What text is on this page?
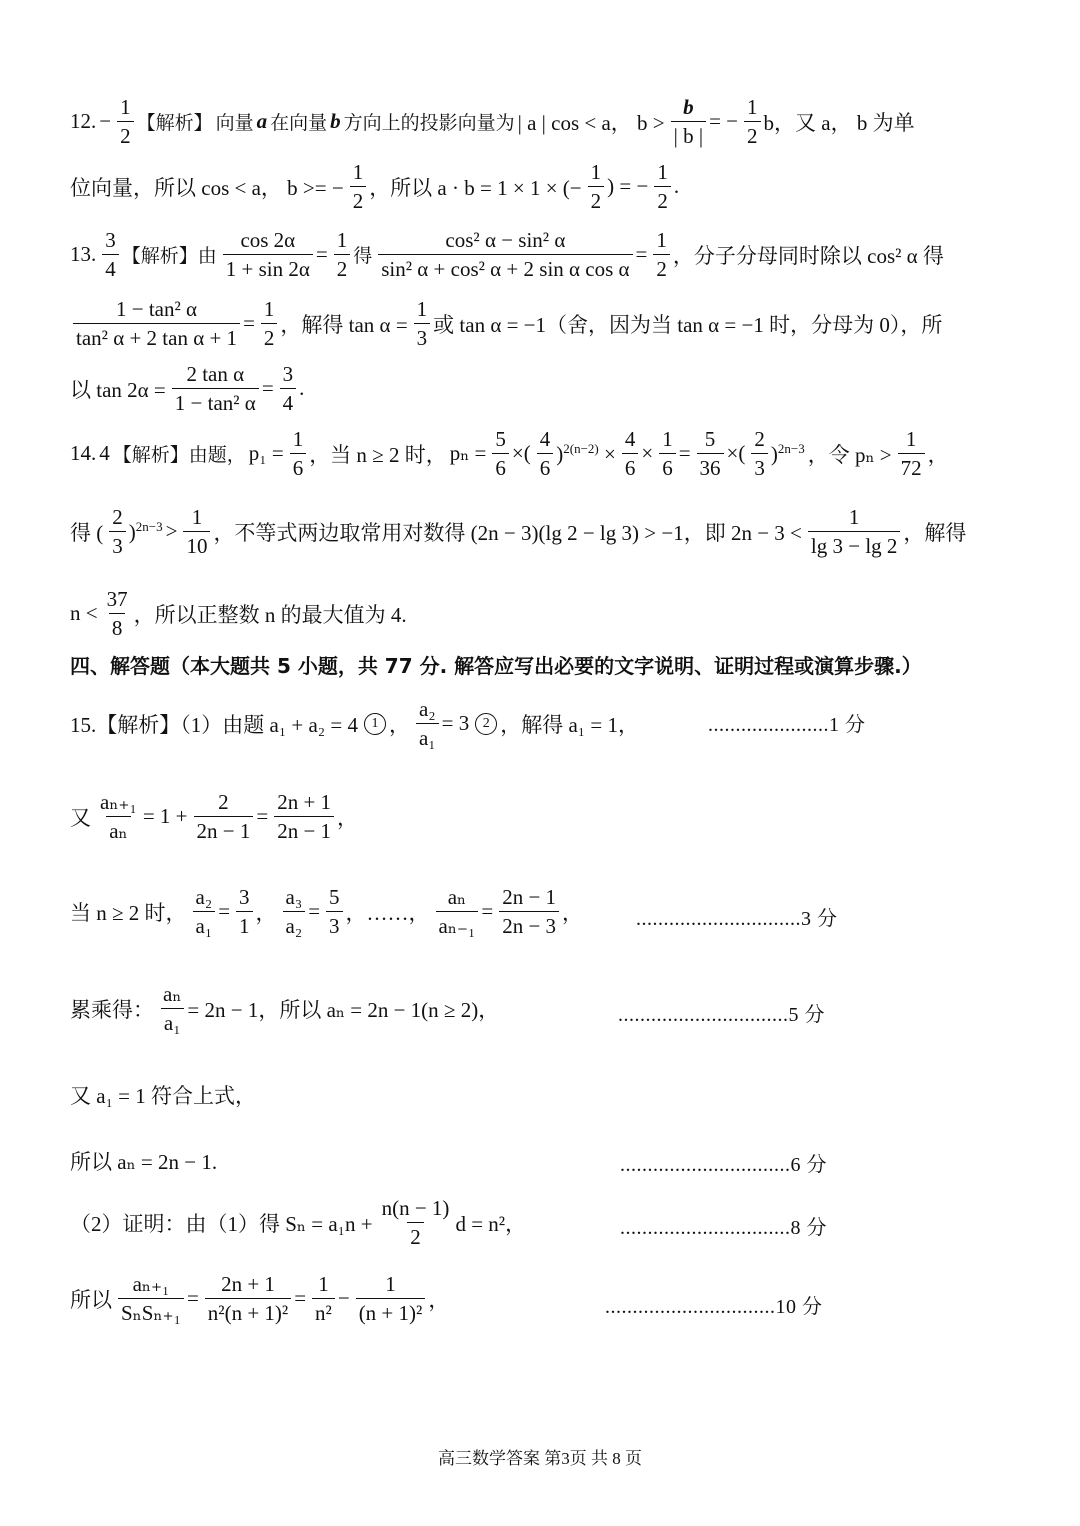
12. − $\frac{1}{2}$ 【解析】 向量 a 在向量 b 方向上的投影向量为 | a | cos < a， $b > \frac{b}{| b |}$ = − $\frac{1}{2}$ b，又 a， b 为单
位向量，所以 cos < a， b >= − $\frac{1}{2}$ ，所以 a · b = 1 × 1 × (− $\frac{1}{2}$ ) = − $\frac{1}{2}$ .
13. $\frac{3}{4}$ 【解析】由 $\frac{\cos 2\alpha}{1 + \sin 2\alpha} = \frac{1}{2}$ 得 $\frac{\text{cos² α − sin² α}}{\text{sin² α + cos² α + 2 sin α cos α}} = \frac{1}{2}$ ，分子分母同时除以 cos² α 得
$\frac{\text{1 − tan² α}}{\text{tan² α + 2 tan α + 1}} = \frac{1}{2}$ ，解得 $\tan \alpha = \frac{1}{3}$ 或 tan α = −1（舍，因为当 tan α = −1 时，分母为 0），所
以 $\tan 2\alpha = \frac{\text{2 tan α}}{\text{1 − tan² α}} = \frac{3}{4}$ .
14. 4 【解析】由题， $p_1 = \frac{1}{6}$ ，当 n ≥ 2 时， $p_n = \frac{5}{6}$ ×( $\frac{4}{6} )^{2(n-2)} \times \frac{4}{6} \times \frac{1}{6} = \frac{5}{36}$ ×( $\frac{2}{3} )^{2n-3}$ ，令 $p_n > \frac{1}{72}$ ，
得 ( $\frac{2}{3} )^{2n-3} > \frac{1}{10}$ ，不等式两边取常用对数得 (2n − 3)(lg 2 − lg 3) > −1，即 $2n - 3 < \frac{1}{\lg 3 - \lg 2}$ ，解得
$n < \frac{37}{8}$ ，所以正整数 n 的最大值为 4.
四、解答题（本大题共 5 小题，共 77 分. 解答应写出必要的文字说明、证明过程或演算步骤.）
15.【解析】（1）由题 a₁ + a₂ = 4 1 ， $\frac{\text{a₂}}{\text{a₁}} = 3$ 2 ，解得 a₁ = 1，	......................1 分
又 $\frac{\text{aₙ₊₁}}{\text{aₙ}} = 1 + \frac{2}{2n - 1} = \frac{2n + 1}{2n - 1}$ ，
当 n ≥ 2 时， $\frac{\text{a₂}}{\text{a₁}} = \frac{3}{1}$ ， $\frac{\text{a₃}}{\text{a₂}} = \frac{5}{3}$ ，……， $\frac{\text{aₙ}}{\text{aₙ₋₁}} = \frac{2n - 1}{2n - 3}$ ，	..............................3 分
累乘得： $\frac{\text{aₙ}}{\text{a₁}} = 2n - 1$，所以 aₙ = 2n − 1(n ≥ 2)，	...............................5 分
又 a₁ = 1 符合上式，
所以 aₙ = 2n − 1.	...............................6 分
（2）证明：由（1）得 $S_n = a_1n + \frac{n(n - 1)}{2}$ d = n²，	...............................8 分
所以 $\frac{\text{aₙ₊₁}}{\text{SₙSₙ₊₁}} = \frac{2n + 1}{\text{n²(n + 1)²}} = \frac{1}{\text{n²}} - \frac{1}{\text{(n + 1)²}}$ ，	...............................10 分
高三数学答案 第3页 共 8 页
